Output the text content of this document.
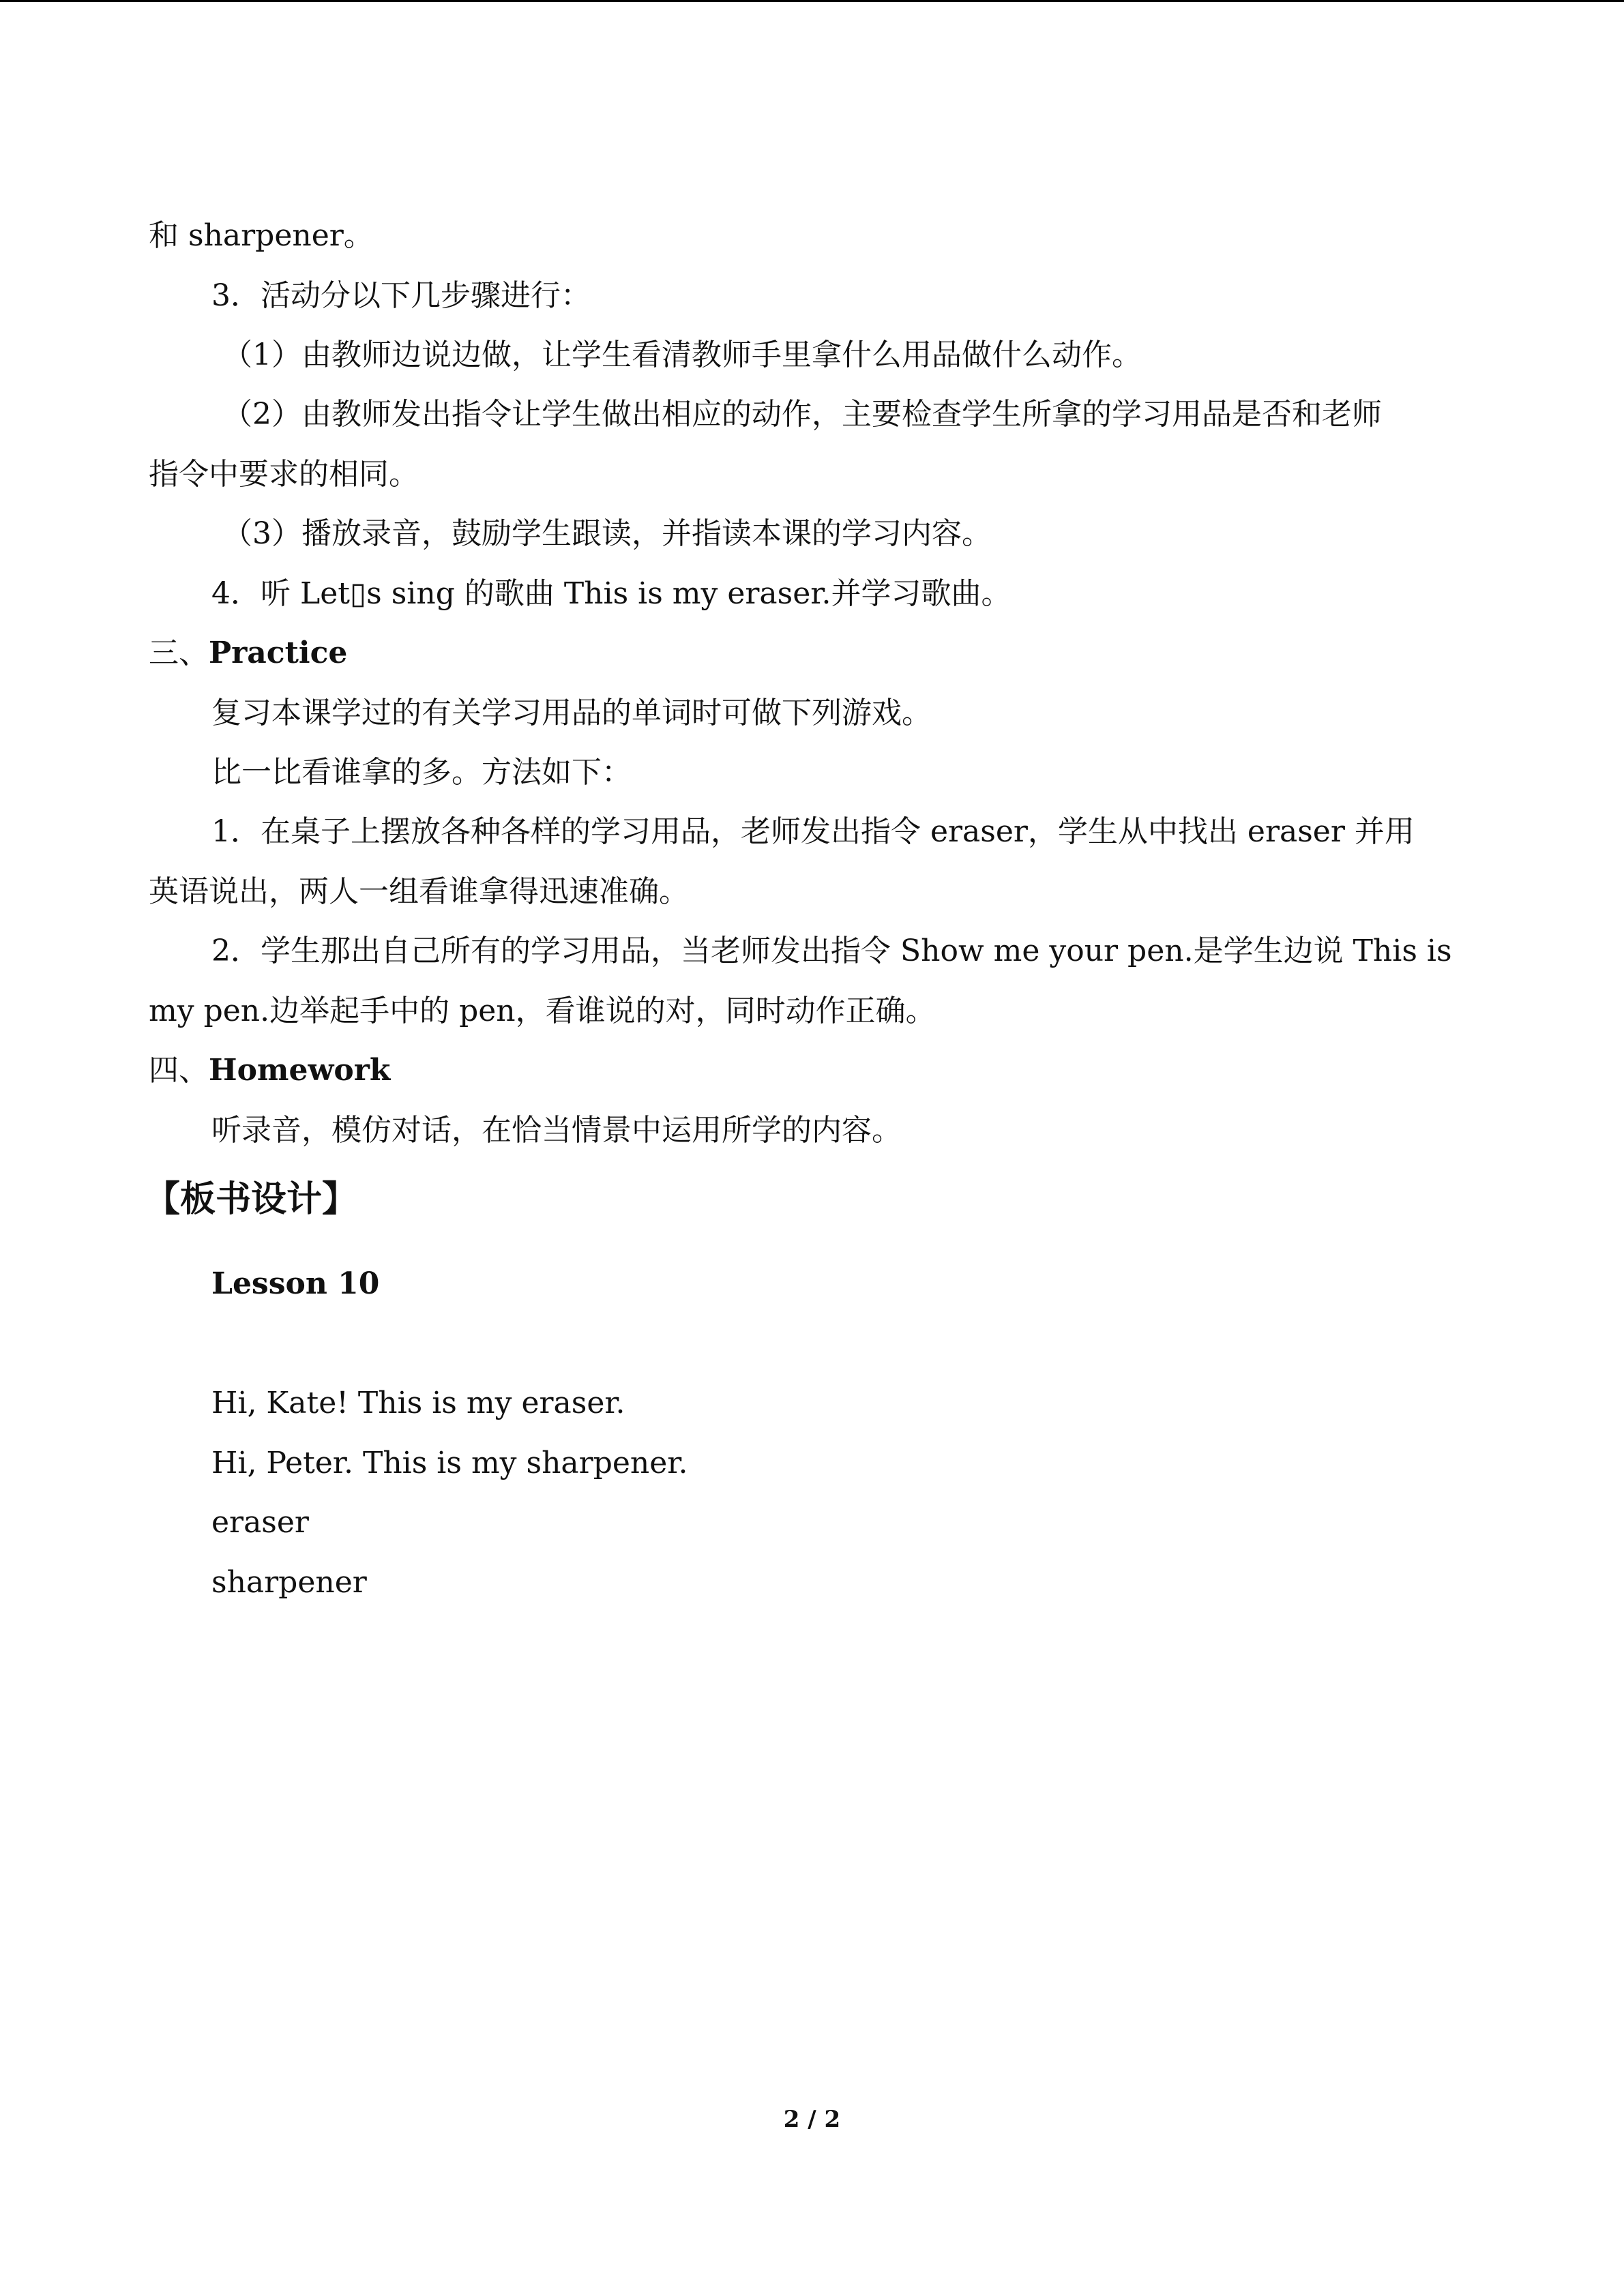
和 sharpener。
3．活动分以下几步骤进行：
（1）由教师边说边做，让学生看清教师手里拿什么用品做什么动作。
（2）由教师发出指令让学生做出相应的动作，主要检查学生所拿的学习用品是否和老师
指令中要求的相同。
（3）播放录音，鼓励学生跟读，并指读本课的学习内容。
4．听 Let▯s sing 的歌曲 This is my eraser.并学习歌曲。
三、Practice
复习本课学过的有关学习用品的单词时可做下列游戏。
比一比看谁拿的多。方法如下：
1．在桌子上摆放各种各样的学习用品，老师发出指令 eraser，学生从中找出 eraser 并用
英语说出，两人一组看谁拿得迅速准确。
2．学生那出自己所有的学习用品，当老师发出指令 Show me your pen.是学生边说 This is
my pen.边举起手中的 pen，看谁说的对，同时动作正确。
四、Homework
听录音，模仿对话，在恰当情景中运用所学的内容。
【板书设计】
Lesson 10
Hi, Kate! This is my eraser.
Hi, Peter. This is my sharpener.
eraser
sharpener
2 / 2
